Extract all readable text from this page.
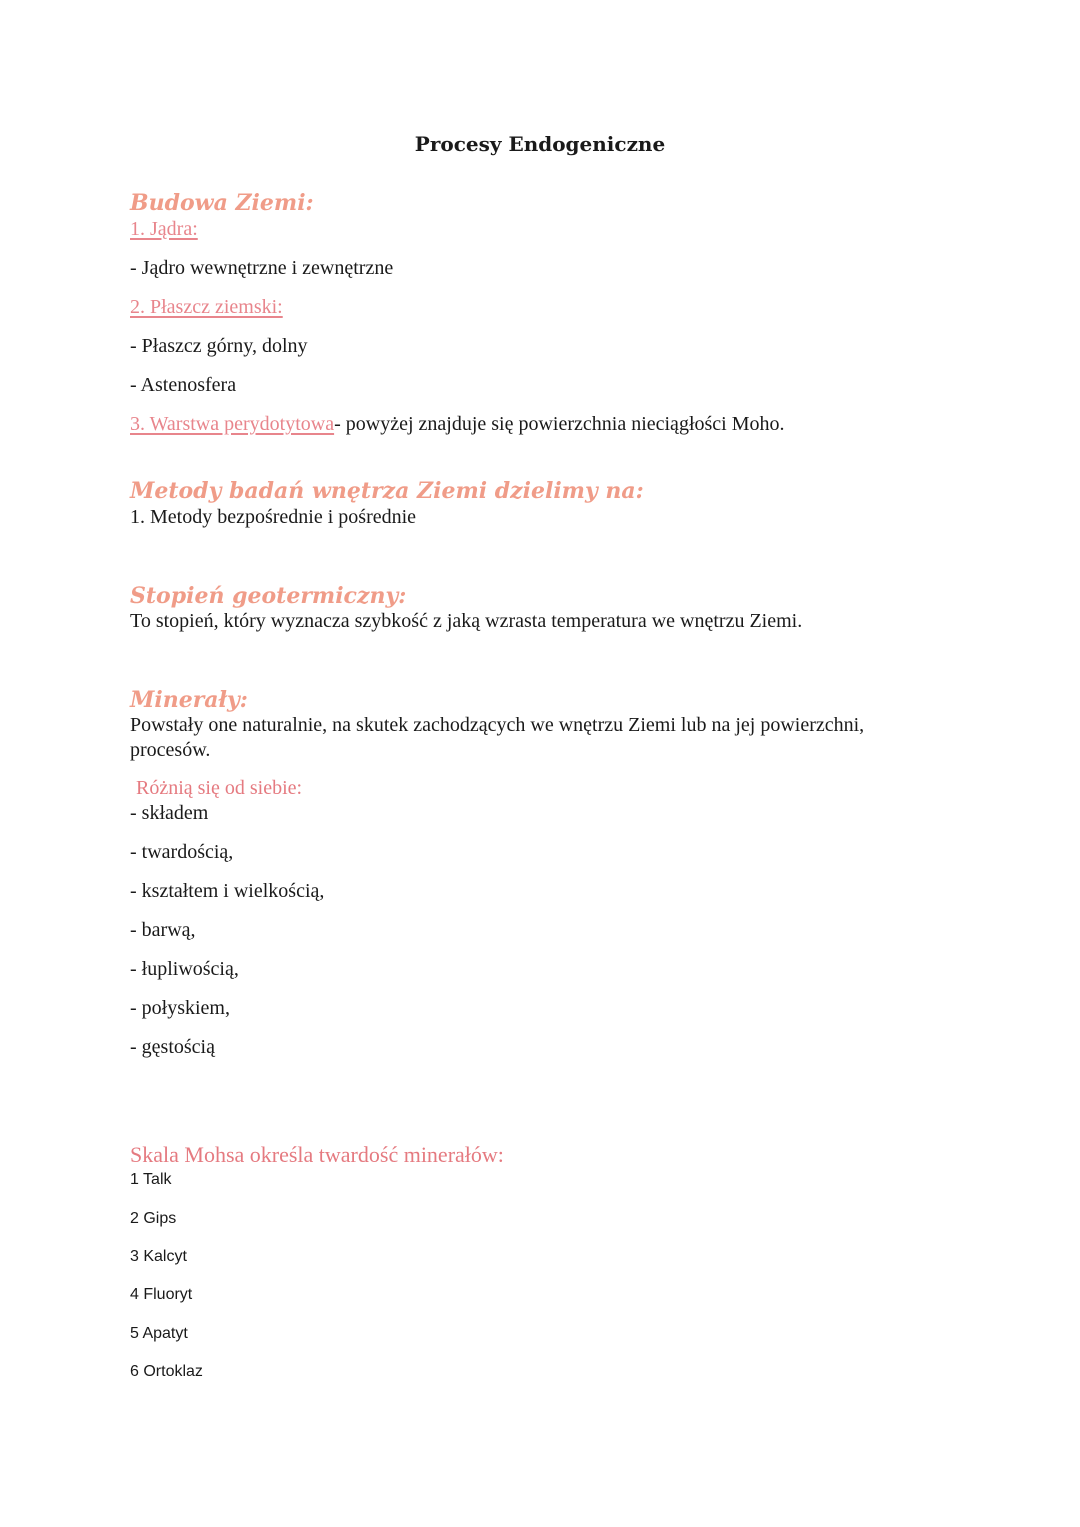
Procesy Endogeniczne
Budowa Ziemi:
1. Jądra:
- Jądro wewnętrzne i zewnętrzne
2. Płaszcz ziemski:
- Płaszcz górny, dolny
- Astenosfera
3. Warstwa perydotytowa- powyżej znajduje się powierzchnia nieciągłości Moho.
Metody badań wnętrza Ziemi dzielimy na:
1. Metody bezpośrednie i pośrednie
Stopień geotermiczny:
To stopień, który wyznacza szybkość z jaką wzrasta temperatura we wnętrzu Ziemi.
Minerały:
Powstały one naturalnie, na skutek zachodzących we wnętrzu Ziemi lub na jej powierzchni,
procesów.
Różnią się od siebie:
- składem
- twardością,
- kształtem i wielkością,
- barwą,
- łupliwością,
- połyskiem,
- gęstością
Skala Mohsa określa twardość minerałów:
1 Talk
2 Gips
3 Kalcyt
4 Fluoryt
5 Apatyt
6 Ortoklaz
